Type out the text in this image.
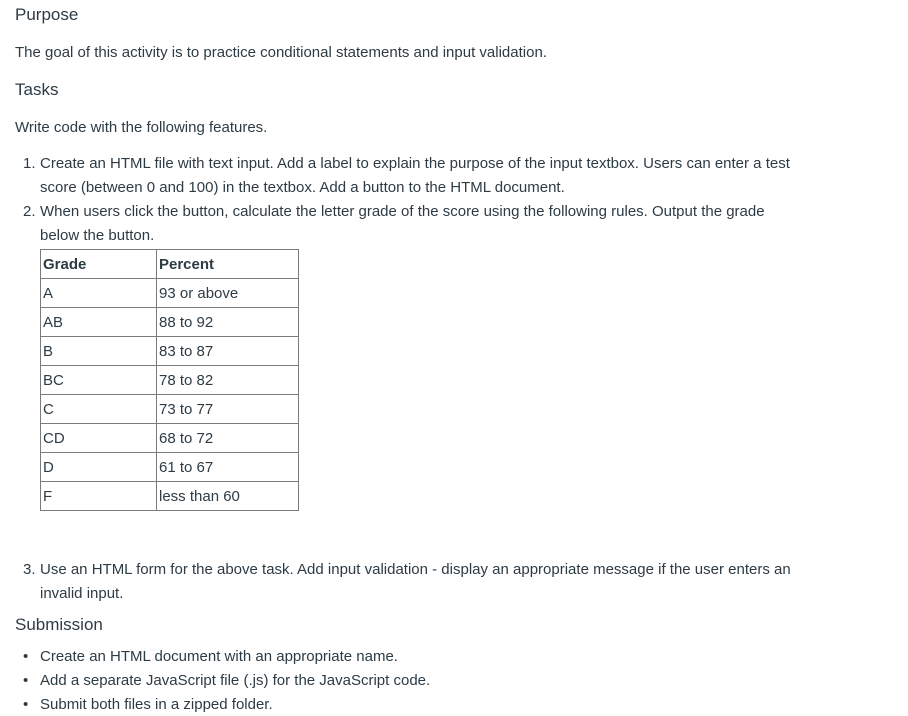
Purpose
The goal of this activity is to practice conditional statements and input validation.
Tasks
Write code with the following features.
1. Create an HTML file with text input. Add a label to explain the purpose of the input textbox. Users can enter a test
score (between 0 and 100) in the textbox. Add a button to the HTML document.
2. When users click the button, calculate the letter grade of the score using the following rules. Output the grade
below the button.
Grade	Percent
A	93 or above
AB	88 to 92
B	83 to 87
BC	78 to 82
C	73 to 77
CD	68 to 72
D	61 to 67
F	less than 60
3. Use an HTML form for the above task. Add input validation - display an appropriate message if the user enters an
invalid input.
Submission
• Create an HTML document with an appropriate name.
• Add a separate JavaScript file (.js) for the JavaScript code.
• Submit both files in a zipped folder.
